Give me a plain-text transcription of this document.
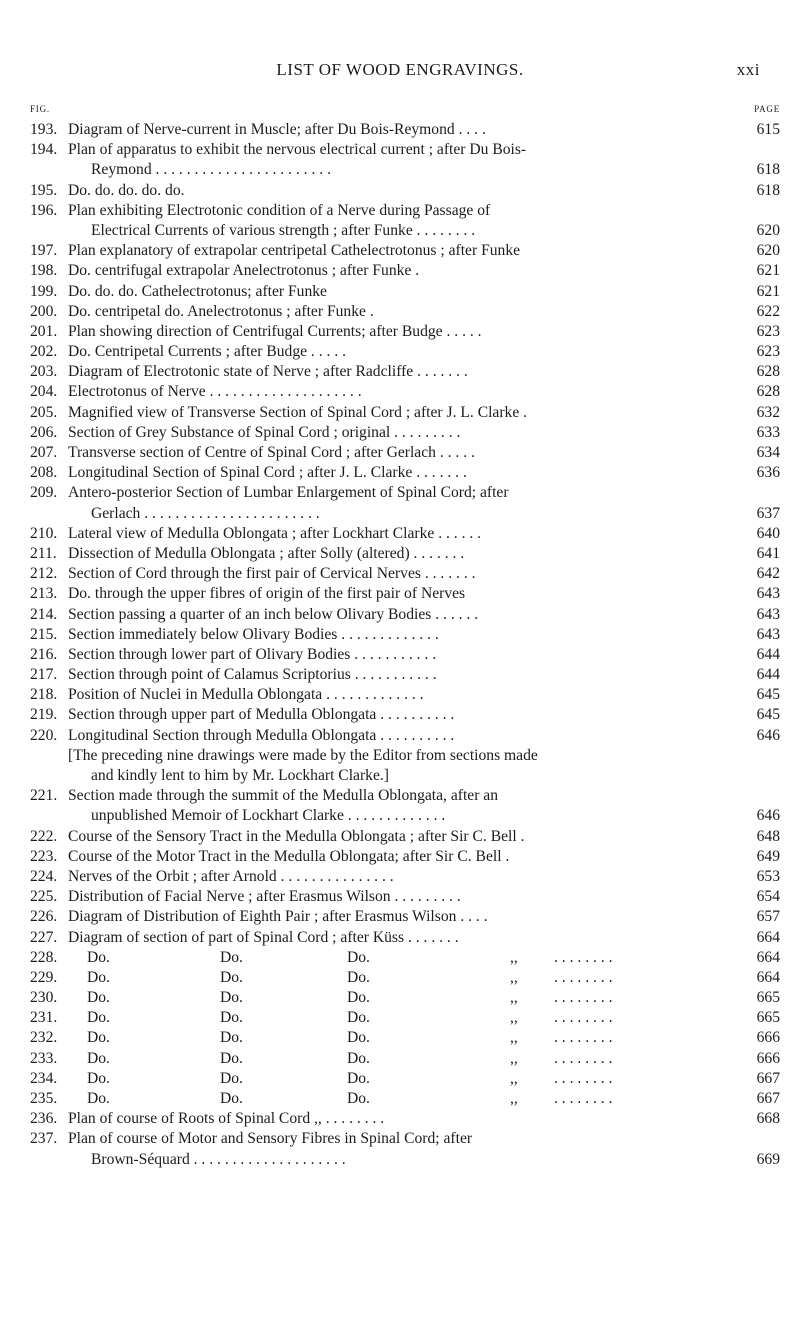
LIST OF WOOD ENGRAVINGS.	xxi
FIG.	PAGE
193. Diagram of Nerve-current in Muscle; after Du Bois-Reymond . . . .	615
194. Plan of apparatus to exhibit the nervous electrical current ; after Du Bois-
Reymond . . . . . . . . . . . . . . . . . . . . . . .	618
195. Do. do. do. do. do.	618
196. Plan exhibiting Electrotonic condition of a Nerve during Passage of
Electrical Currents of various strength ; after Funke . . . . . . . .	620
197. Plan explanatory of extrapolar centripetal Cathelectrotonus ; after Funke	620
198. Do. centrifugal extrapolar Anelectrotonus ; after Funke .	621
199. Do. do. do. Cathelectrotonus; after Funke	621
200. Do. centripetal do. Anelectrotonus ; after Funke .	622
201. Plan showing direction of Centrifugal Currents; after Budge . . . . .	623
202. Do. Centripetal Currents ; after Budge . . . . .	623
203. Diagram of Electrotonic state of Nerve ; after Radcliffe . . . . . . .	628
204. Electrotonus of Nerve . . . . . . . . . . . . . . . . . . . .	628
205. Magnified view of Transverse Section of Spinal Cord ; after J. L. Clarke .	632
206. Section of Grey Substance of Spinal Cord ; original . . . . . . . . .	633
207. Transverse section of Centre of Spinal Cord ; after Gerlach . . . . .	634
208. Longitudinal Section of Spinal Cord ; after J. L. Clarke . . . . . . .	636
209. Antero-posterior Section of Lumbar Enlargement of Spinal Cord; after
Gerlach . . . . . . . . . . . . . . . . . . . . . . .	637
210. Lateral view of Medulla Oblongata ; after Lockhart Clarke . . . . . .	640
211. Dissection of Medulla Oblongata ; after Solly (altered) . . . . . . .	641
212. Section of Cord through the first pair of Cervical Nerves . . . . . . .	642
213. Do. through the upper fibres of origin of the first pair of Nerves	643
214. Section passing a quarter of an inch below Olivary Bodies . . . . . .	643
215. Section immediately below Olivary Bodies . . . . . . . . . . . . .	643
216. Section through lower part of Olivary Bodies . . . . . . . . . . .	644
217. Section through point of Calamus Scriptorius . . . . . . . . . . .	644
218. Position of Nuclei in Medulla Oblongata . . . . . . . . . . . . .	645
219. Section through upper part of Medulla Oblongata . . . . . . . . . .	645
220. Longitudinal Section through Medulla Oblongata . . . . . . . . . .	646
[The preceding nine drawings were made by the Editor from sections made
and kindly lent to him by Mr. Lockhart Clarke.]
221. Section made through the summit of the Medulla Oblongata, after an
unpublished Memoir of Lockhart Clarke . . . . . . . . . . . . .	646
222. Course of the Sensory Tract in the Medulla Oblongata ; after Sir C. Bell .	648
223. Course of the Motor Tract in the Medulla Oblongata; after Sir C. Bell .	649
224. Nerves of the Orbit ; after Arnold . . . . . . . . . . . . . . .	653
225. Distribution of Facial Nerve ; after Erasmus Wilson . . . . . . . . .	654
226. Diagram of Distribution of Eighth Pair ; after Erasmus Wilson . . . .	657
227. Diagram of section of part of Spinal Cord ; after Küss . . . . . . .	664
228.	Do.	Do.	Do.	,, . . . . . . . .	664
229.	Do.	Do.	Do.	,, . . . . . . . .	664
230.	Do.	Do.	Do.	,, . . . . . . . .	665
231.	Do.	Do.	Do.	,, . . . . . . . .	665
232.	Do.	Do.	Do.	,, . . . . . . . .	666
233.	Do.	Do.	Do.	,, . . . . . . . .	666
234.	Do.	Do.	Do.	,, . . . . . . . .	667
235.	Do.	Do.	Do.	,, . . . . . . . .	667
236. Plan of course of Roots of Spinal Cord ,, . . . . . . . .	668
237. Plan of course of Motor and Sensory Fibres in Spinal Cord; after
Brown-Séquard . . . . . . . . . . . . . . . . . . . .	669
